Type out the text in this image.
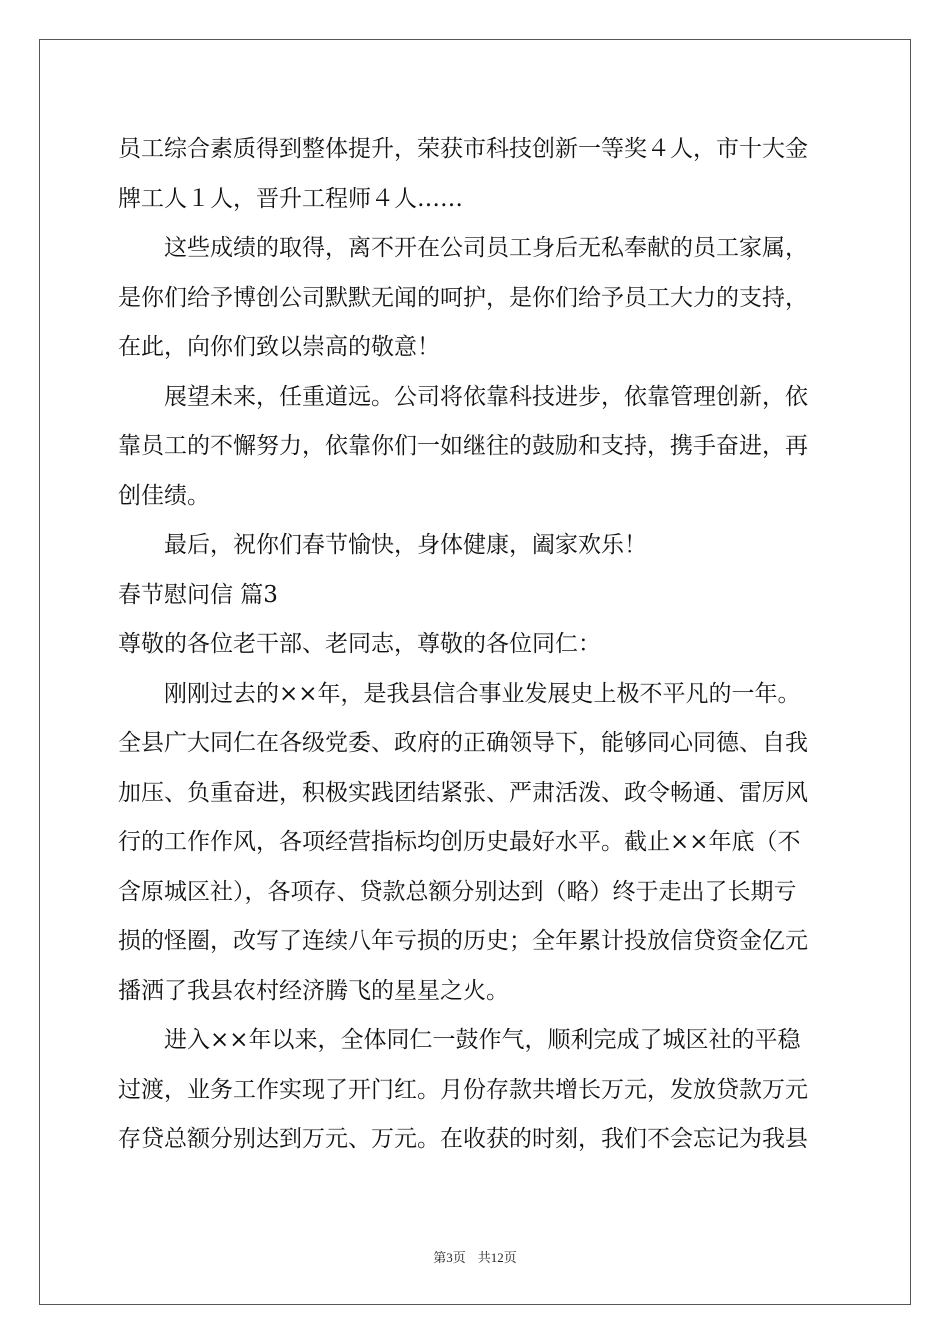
员工综合素质得到整体提升，荣获市科技创新一等奖４人，市十大金
牌工人１人，晋升工程师４人……
　　这些成绩的取得，离不开在公司员工身后无私奉献的员工家属，
是你们给予博创公司默默无闻的呵护，是你们给予员工大力的支持，
在此，向你们致以崇高的敬意！
　　展望未来，任重道远。公司将依靠科技进步，依靠管理创新，依
靠员工的不懈努力，依靠你们一如继往的鼓励和支持，携手奋进，再
创佳绩。
　　最后，祝你们春节愉快，身体健康，阖家欢乐！
春节慰问信 篇3
尊敬的各位老干部、老同志，尊敬的各位同仁：
　　刚刚过去的××年，是我县信合事业发展史上极不平凡的一年。
全县广大同仁在各级党委、政府的正确领导下，能够同心同德、自我
加压、负重奋进，积极实践团结紧张、严肃活泼、政令畅通、雷厉风
行的工作作风，各项经营指标均创历史最好水平。截止××年底（不
含原城区社），各项存、贷款总额分别达到（略）终于走出了长期亏
损的怪圈，改写了连续八年亏损的历史；全年累计投放信贷资金亿元
播洒了我县农村经济腾飞的星星之火。
　　进入××年以来，全体同仁一鼓作气，顺利完成了城区社的平稳
过渡，业务工作实现了开门红。月份存款共增长万元，发放贷款万元
存贷总额分别达到万元、万元。在收获的时刻，我们不会忘记为我县
第3页 共12页
